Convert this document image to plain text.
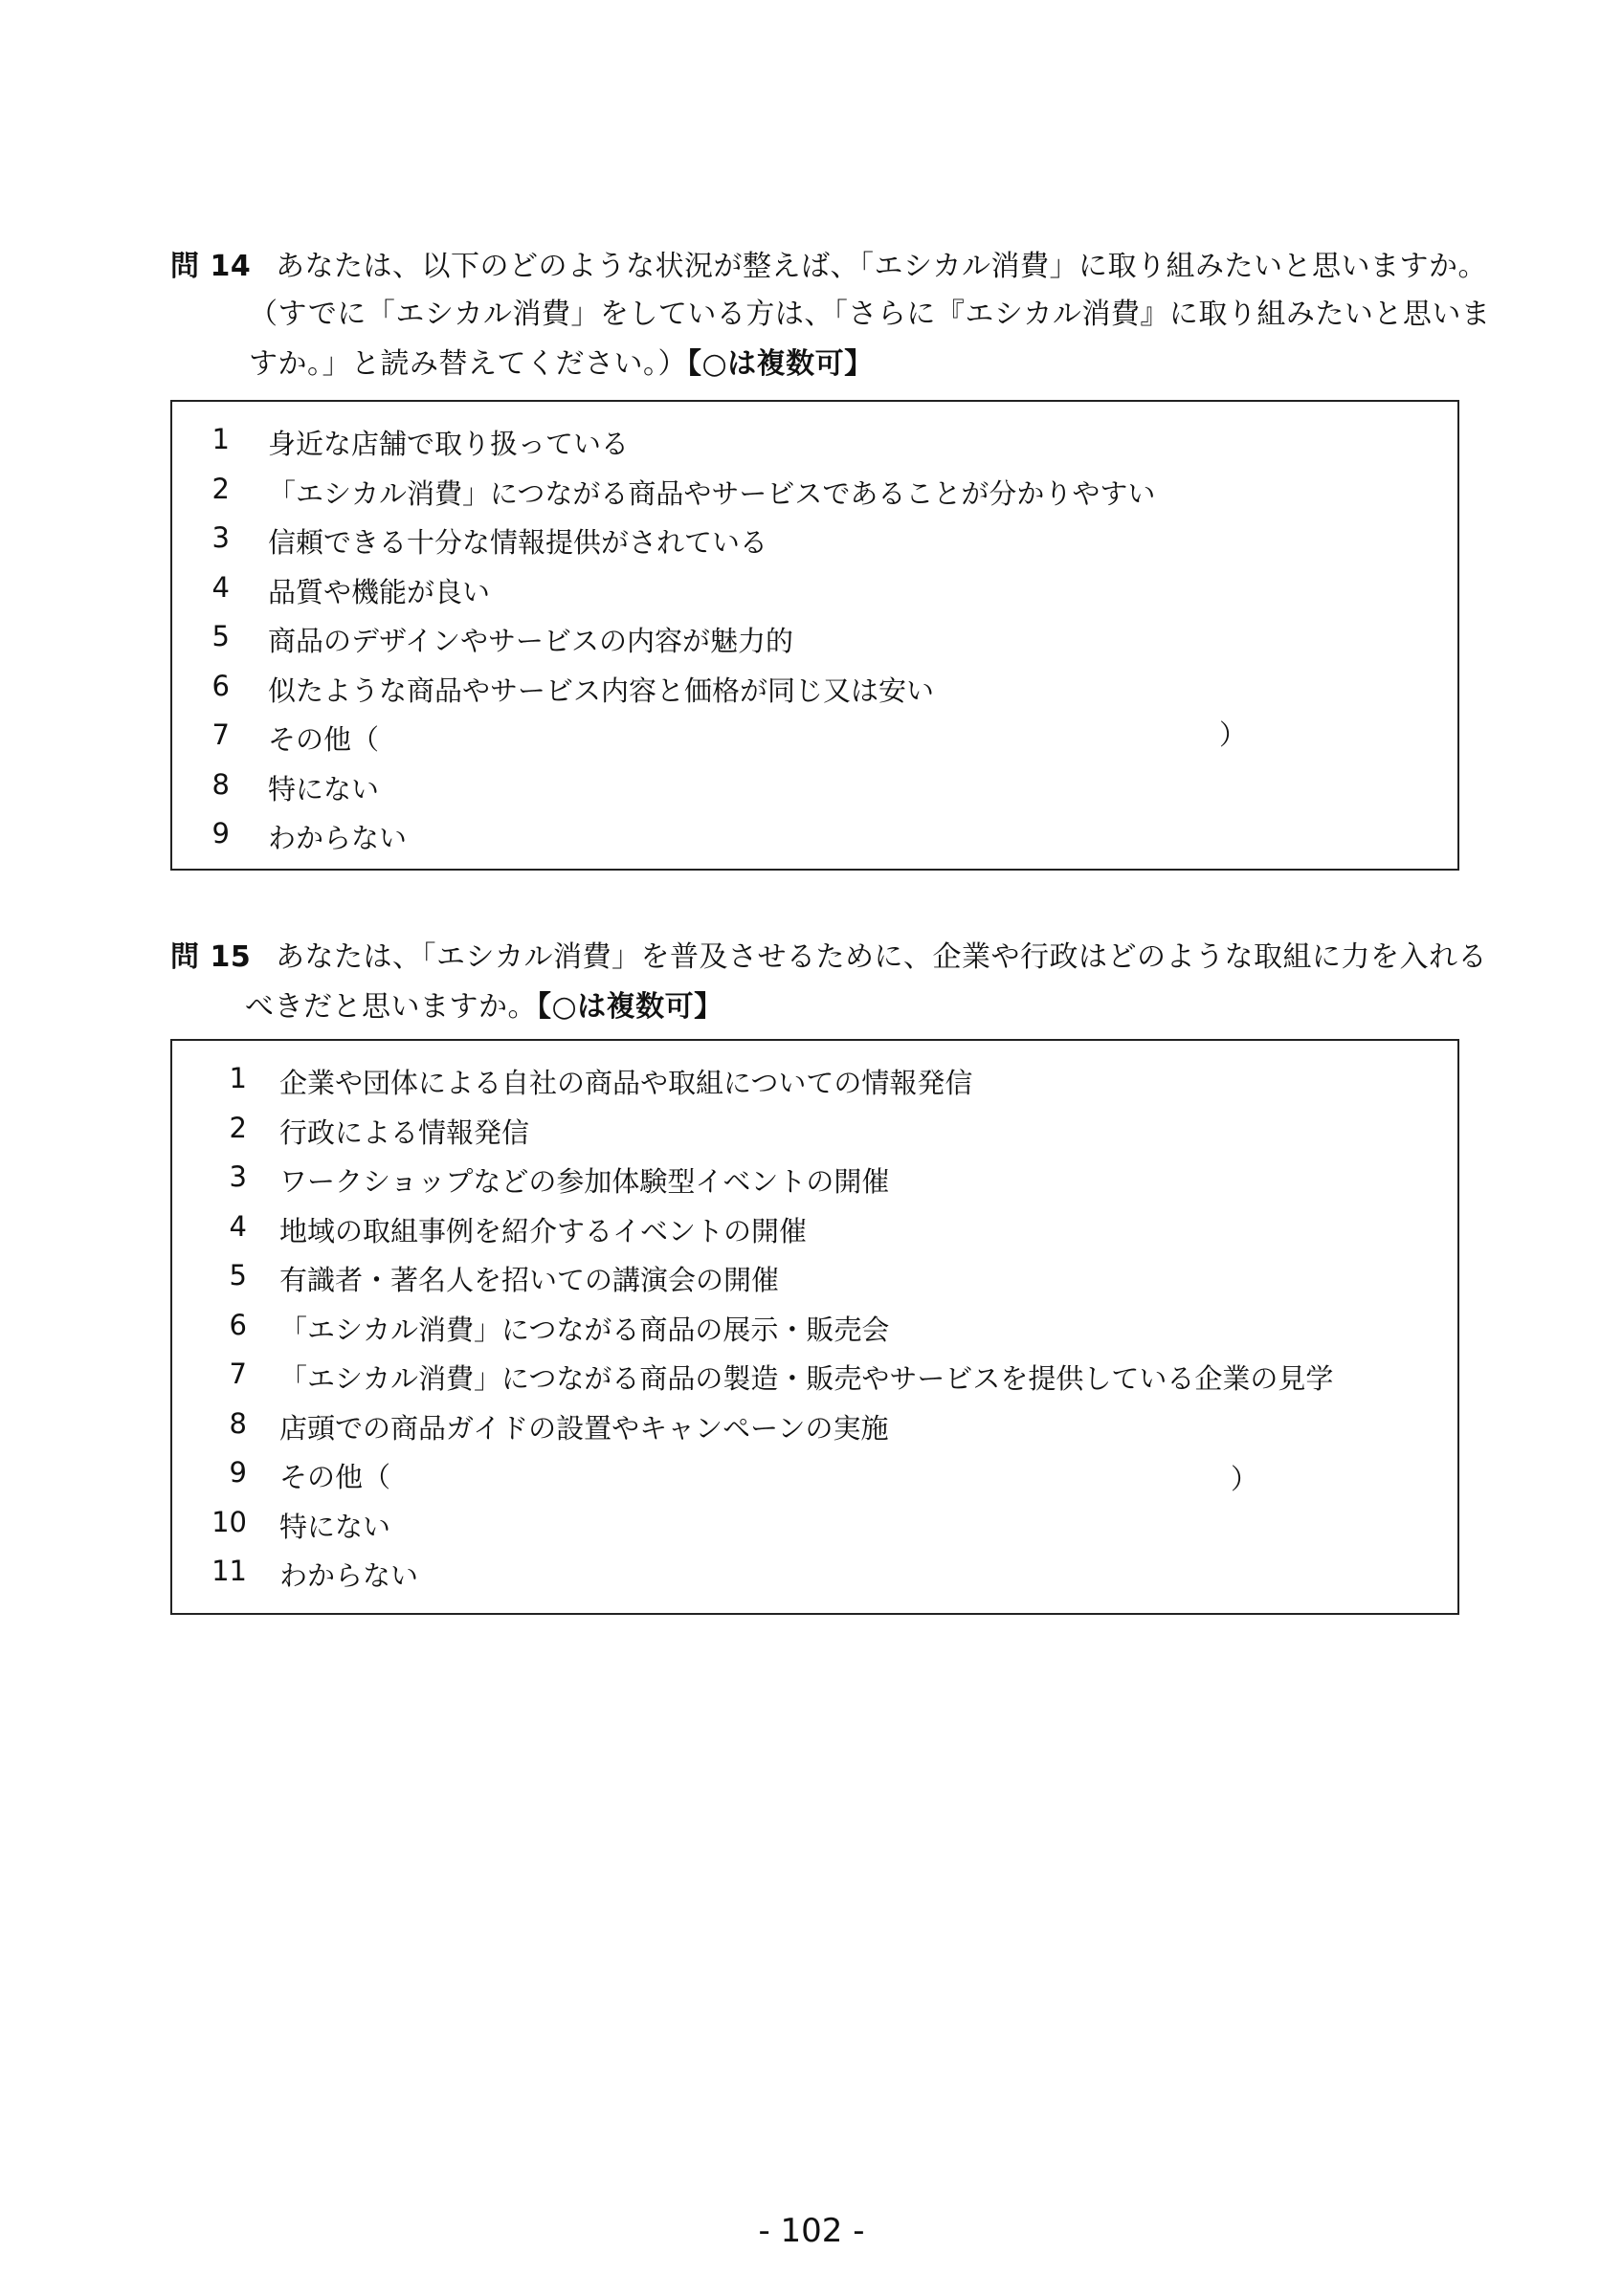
問 14 あなたは、以下のどのような状況が整えば、「エシカル消費」に取り組みたいと思いますか。
（すでに「エシカル消費」をしている方は、「さらに『エシカル消費』に取り組みたいと思いま
すか。」と読み替えてください。）【○は複数可】
1 身近な店舗で取り扱っている
2 「エシカル消費」につながる商品やサービスであることが分かりやすい
3 信頼できる十分な情報提供がされている
4 品質や機能が良い
5 商品のデザインやサービスの内容が魅力的
6 似たような商品やサービス内容と価格が同じ又は安い
7 その他（
8 特にない
9 わからない
）
問 15 あなたは、「エシカル消費」を普及させるために、企業や行政はどのような取組に力を入れる
べきだと思いますか。【○は複数可】
1 企業や団体による自社の商品や取組についての情報発信
2 行政による情報発信
3 ワークショップなどの参加体験型イベントの開催
4 地域の取組事例を紹介するイベントの開催
5 有識者・著名人を招いての講演会の開催
6 「エシカル消費」につながる商品の展示・販売会
7 「エシカル消費」につながる商品の製造・販売やサービスを提供している企業の見学
8 店頭での商品ガイドの設置やキャンペーンの実施
9 その他（
10 特にない
11 わからない
）
- 102 -
